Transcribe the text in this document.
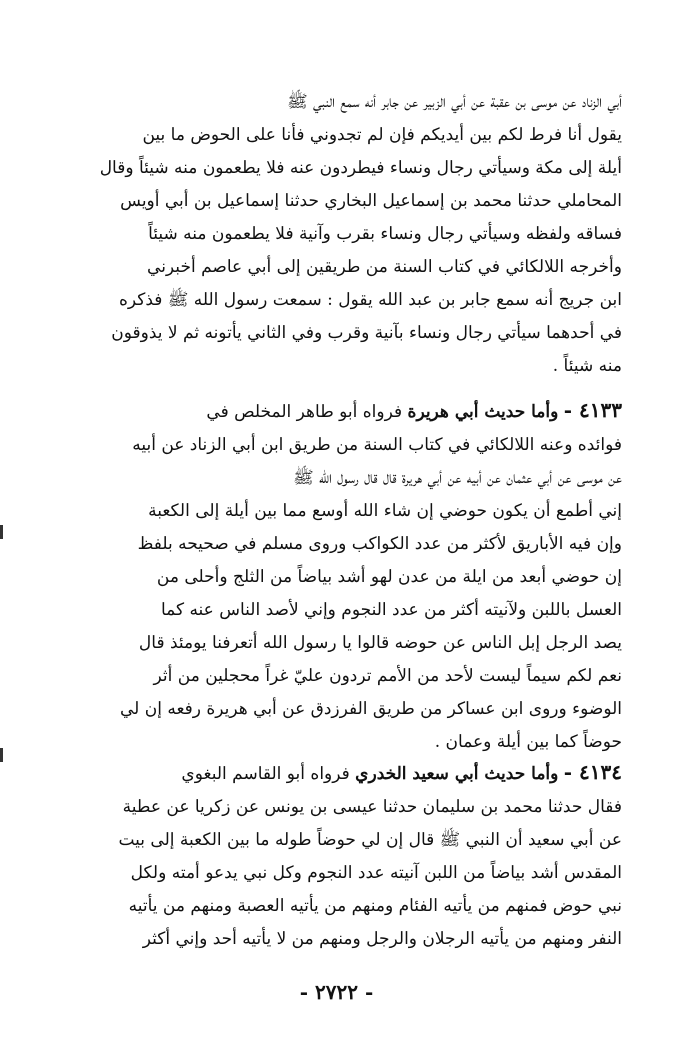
أبي الزناد عن موسى بن عقبة عن أبي الزبير عن جابر أنه سمع النبي ﷺ
يقول أنا فرط لكم بين أيديكم فإن لم تجدوني فأنا على الحوض ما بين
أيلة إلى مكة وسيأتي رجال ونساء فيطردون عنه فلا يطعمون منه شيئاً وقال
المحاملي حدثنا محمد بن إسماعيل البخاري حدثنا إسماعيل بن أبي أويس
فساقه ولفظه وسيأتي رجال ونساء بقرب وآنية فلا يطعمون منه شيئاً
وأخرجه اللالكائي في كتاب السنة من طريقين إلى أبي عاصم أخبرني
ابن جريج أنه سمع جابر بن عبد الله يقول : سمعت رسول الله ﷺ فذكره
في أحدهما سيأتي رجال ونساء بآنية وقرب وفي الثاني يأتونه ثم لا يذوقون
منه شيئاً .
٤١٣٣ - وأما حديث أبي هريرة فرواه أبو طاهر المخلص في
فوائده وعنه اللالكائي في كتاب السنة من طريق ابن أبي الزناد عن أبيه
عن موسى عن أبي عثمان عن أبيه عن أبي هريرة قال قال رسول الله ﷺ
إني أطمع أن يكون حوضي إن شاء الله أوسع مما بين أيلة إلى الكعبة
وإن فيه الأباريق لأكثر من عدد الكواكب وروى مسلم في صحيحه بلفظ
إن حوضي أبعد من ايلة من عدن لهو أشد بياضاً من الثلج وأحلى من
العسل باللبن ولآنيته أكثر من عدد النجوم وإني لأصد الناس عنه كما
يصد الرجل إبل الناس عن حوضه قالوا يا رسول الله أتعرفنا يومئذ قال
نعم لكم سيماً ليست لأحد من الأمم تردون عليّ غراً محجلين من أثر
الوضوء وروى ابن عساكر من طريق الفرزدق عن أبي هريرة رفعه إن لي
حوضاً كما بين أيلة وعمان .
٤١٣٤ - وأما حديث أبي سعيد الخدري فرواه أبو القاسم البغوي
فقال حدثنا محمد بن سليمان حدثنا عيسى بن يونس عن زكريا عن عطية
عن أبي سعيد أن النبي ﷺ قال إن لي حوضاً طوله ما بين الكعبة إلى بيت
المقدس أشد بياضاً من اللبن آنيته عدد النجوم وكل نبي يدعو أمته ولكل
نبي حوض فمنهم من يأتيه الفئام ومنهم من يأتيه العصبة ومنهم من يأتيه
النفر ومنهم من يأتيه الرجلان والرجل ومنهم من لا يأتيه أحد وإني أكثر
- ٢٧٢٢ -
